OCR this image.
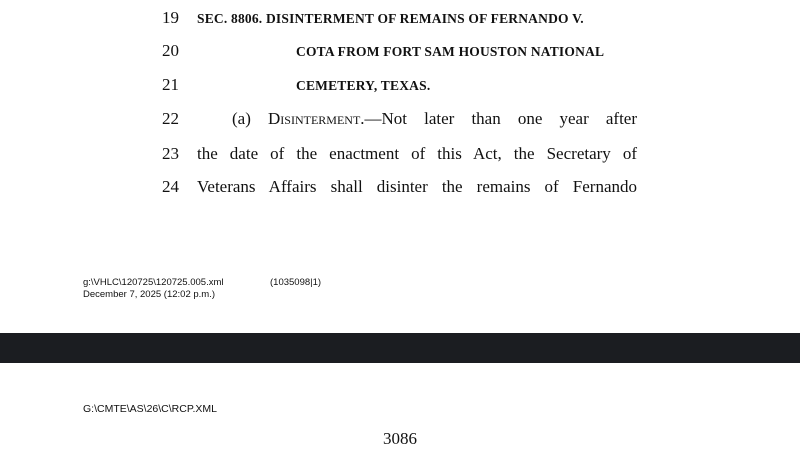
19	SEC. 8806. DISINTERMENT OF REMAINS OF FERNANDO V.
20	COTA FROM FORT SAM HOUSTON NATIONAL
21	CEMETERY, TEXAS.
22	(a) Disinterment.—Not later than one year after
23	the date of the enactment of this Act, the Secretary of
24	Veterans Affairs shall disinter the remains of Fernando
g:\VHLC\120725\120725.005.xml	(1035098|1)
December 7, 2025 (12:02 p.m.)
G:\CMTE\AS\26\C\RCP.XML
3086
